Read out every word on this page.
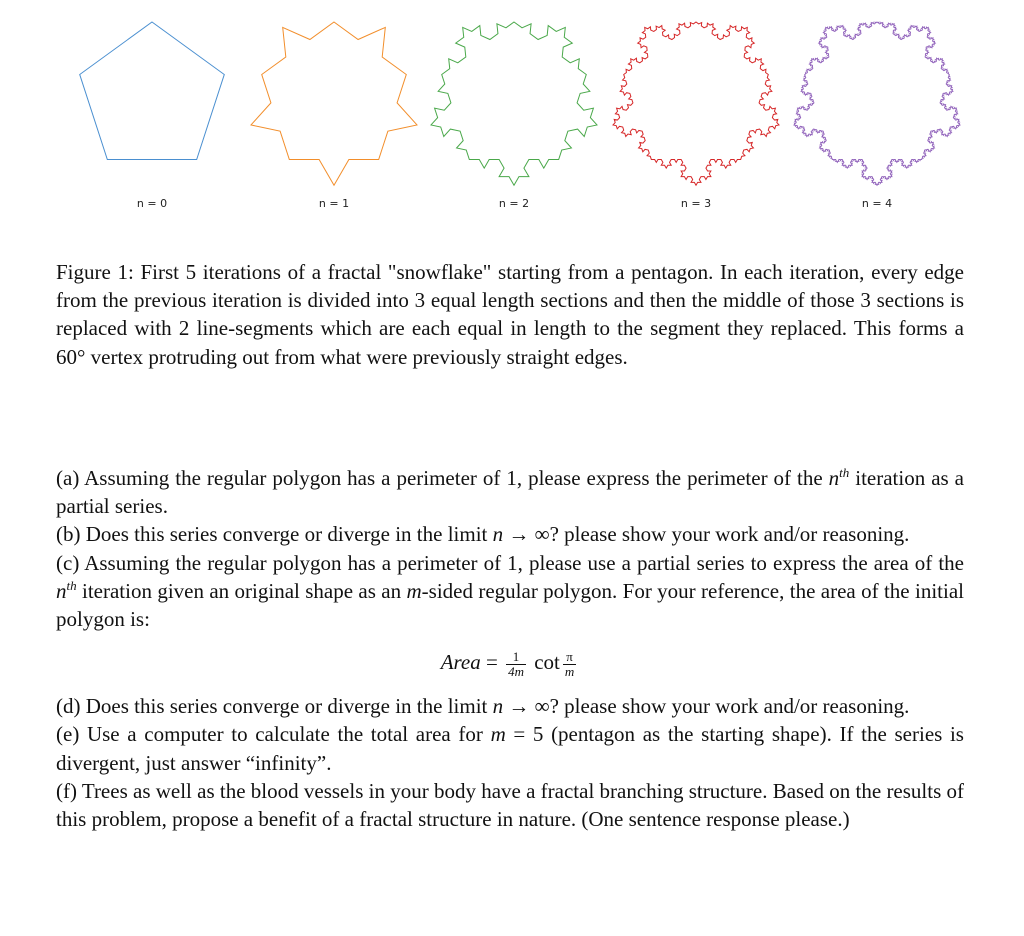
n = 0	n = 1	n = 2	n = 3	n = 4
Figure 1: First 5 iterations of a fractal "snowflake" starting from a pentagon. In each iteration, every edge from the previous iteration is divided into 3 equal length sections and then the middle of those 3 sections is replaced with 2 line-segments which are each equal in length to the segment they replaced. This forms a 60° vertex protruding out from what were previously straight edges.

(a) Assuming the regular polygon has a perimeter of 1, please express the perimeter of the $n^{th}$ iteration as a partial series.

(b) Does this series converge or diverge in the limit n → ∞? please show your work and/or reasoning.

(c) Assuming the regular polygon has a perimeter of 1, please use a partial series to express the area of the $n^{th}$ iteration given an original shape as an m-sided regular polygon. For your reference, the area of the initial polygon is:

Area = $\frac{1}{4m}$ $\cot \frac{\pi}{m}$

(d) Does this series converge or diverge in the limit n → ∞? please show your work and/or reasoning.

(e) Use a computer to calculate the total area for m = 5 (pentagon as the starting shape). If the series is divergent, just answer “infinity”.

(f) Trees as well as the blood vessels in your body have a fractal branching structure. Based on the results of this problem, propose a benefit of a fractal structure in nature. (One sentence response please.)
